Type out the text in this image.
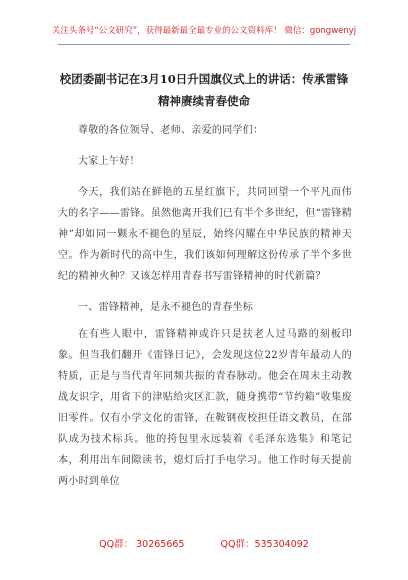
关注头条号“公文研究”，获得最新最全最专业的公文资料库！ 微信：gongwenyj
校团委副书记在3月10日升国旗仪式上的讲话：传承雷锋
精神赓续青春使命

尊敬的各位领导、老师、亲爱的同学们：

大家上午好！

今天，我们站在鲜艳的五星红旗下，共同回望一个平凡而伟大的名字——雷锋。虽然他离开我们已有半个多世纪，但“雷锋精神”却如同一颗永不褪色的星辰，始终闪耀在中华民族的精神天空。作为新时代的高中生，我们该如何理解这份传承了半个多世纪的精神火种？又该怎样用青春书写雷锋精神的时代新篇？

一、雷锋精神，是永不褪色的青春坐标

在有些人眼中，雷锋精神或许只是扶老人过马路的刻板印象。但当我们翻开《雷锋日记》，会发现这位22岁青年最动人的特质，正是与当代青年同频共振的青春脉动。他会在周末主动教战友识字，用省下的津贴给灾区汇款，随身携带“节约箱”收集废旧零件。仅有小学文化的雷锋，在鞍钢夜校担任语文教员，在部队成为技术标兵。他的挎包里永远装着《毛泽东选集》和笔记本，利用出车间隙读书，熄灯后打手电学习。他工作时每天提前两小时到单位

QQ群： 30265665	QQ群：535304092
